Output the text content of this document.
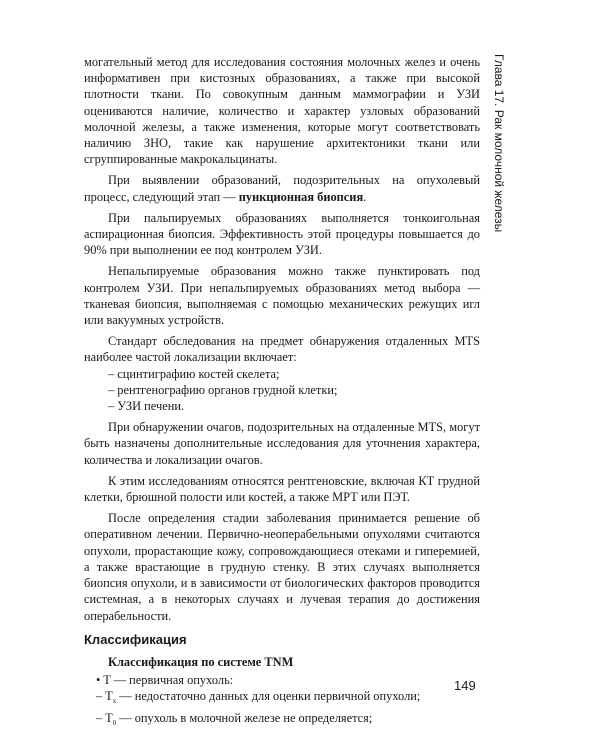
Глава 17. Рак молочной железы

могательный метод для исследования состояния молочных желез и очень информативен при кистозных образованиях, а также при высокой плотности ткани. По совокупным данным маммографии и УЗИ оцениваются наличие, количество и характер узловых образований молочной железы, а также изменения, которые могут соответствовать наличию ЗНО, такие как нарушение архитектоники ткани или сгруппированные макрокальцинаты.

При выявлении образований, подозрительных на опухолевый процесс, следующий этап — пункционная биопсия.

При пальпируемых образованиях выполняется тонкоигольная аспирационная биопсия. Эффективность этой процедуры повышается до 90% при выполнении ее под контролем УЗИ.

Непальпируемые образования можно также пунктировать под контролем УЗИ. При непальпируемых образованиях метод выбора — тканевая биопсия, выполняемая с помощью механических режущих игл или вакуумных устройств.

Стандарт обследования на предмет обнаружения отдаленных MTS наиболее частой локализации включает:

– сцинтиграфию костей скелета;
– рентгенографию органов грудной клетки;
– УЗИ печени.

При обнаружении очагов, подозрительных на отдаленные MTS, могут быть назначены дополнительные исследования для уточнения характера, количества и локализации очагов.

К этим исследованиям относятся рентгеновские, включая КТ грудной клетки, брюшной полости или костей, а также МРТ или ПЭТ.

После определения стадии заболевания принимается решение об оперативном лечении. Первично-неоперабельными опухолями считаются опухоли, прорастающие кожу, сопровождающиеся отеками и гиперемией, а также врастающие в грудную стенку. В этих случаях выполняется биопсия опухоли, и в зависимости от биологических факторов проводится системная, а в некоторых случаях и лучевая терапия до достижения операбельности.

Классификация
Классификация по системе TNM
• T — первичная опухоль:
– $T_x$ — недостаточно данных для оценки первичной опухоли;
– $T_0$ — опухоль в молочной железе не определяется;
149
